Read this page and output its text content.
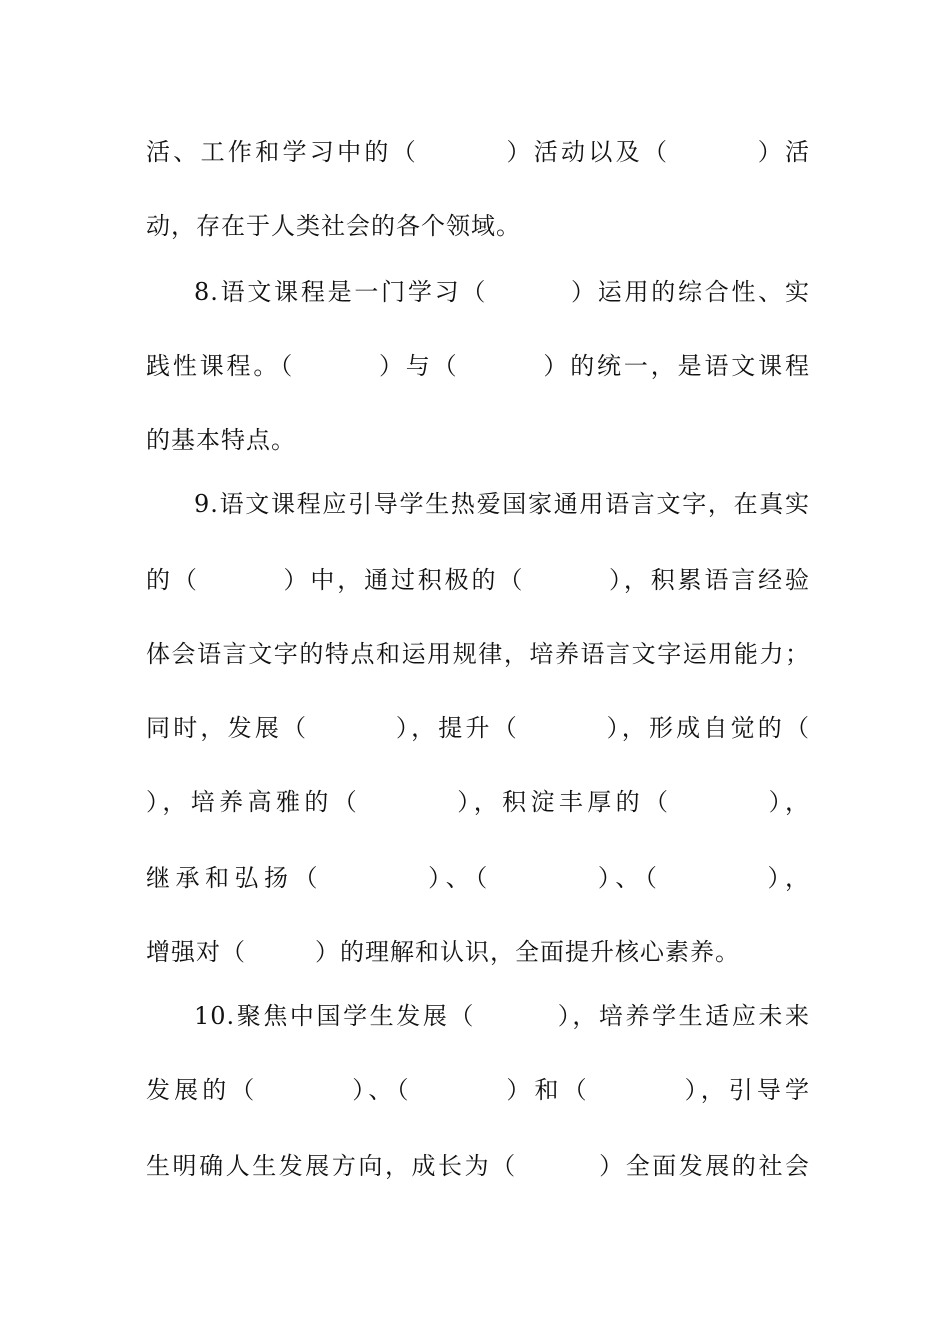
活、工作和学习中的（        ）活动以及（        ）活
动，存在于人类社会的各个领域。
8.语文课程是一门学习（        ）运用的综合性、实
践性课程。（        ）与（        ）的统一，是语文课程
的基本特点。
9.语文课程应引导学生热爱国家通用语言文字，在真实
的（        ）中，通过积极的（        ），积累语言经验
体会语言文字的特点和运用规律，培养语言文字运用能力；
同时，发展（        ），提升（        ），形成自觉的（
），培养高雅的（        ），积淀丰厚的（        ），
继承和弘扬（        ）、（        ）、（        ），
增强对（        ）的理解和认识，全面提升核心素养。
10.聚焦中国学生发展（        ），培养学生适应未来
发展的（        ）、（        ）和（        ），引导学
生明确人生发展方向，成长为（        ）全面发展的社会
